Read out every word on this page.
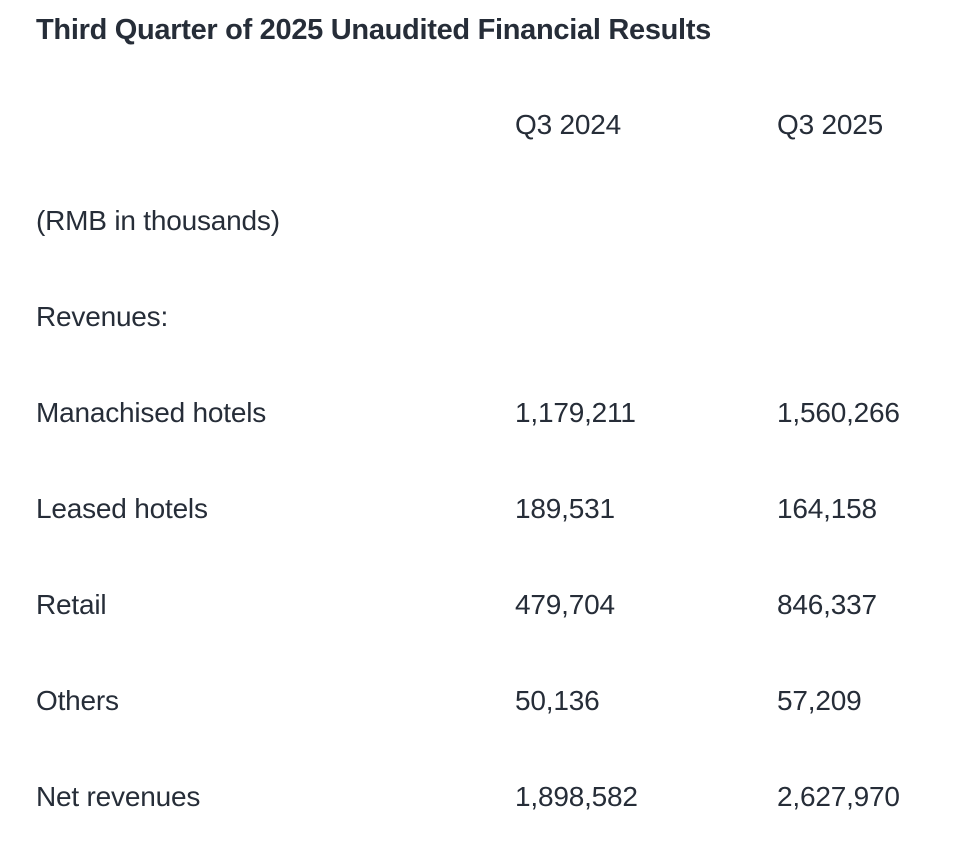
Third Quarter of 2025 Unaudited Financial Results
	Q3 2024	Q3 2025
(RMB in thousands)		
Revenues:		
Manachised hotels	1,179,211	1,560,266
Leased hotels	189,531	164,158
Retail	479,704	846,337
Others	50,136	57,209
Net revenues	1,898,582	2,627,970
